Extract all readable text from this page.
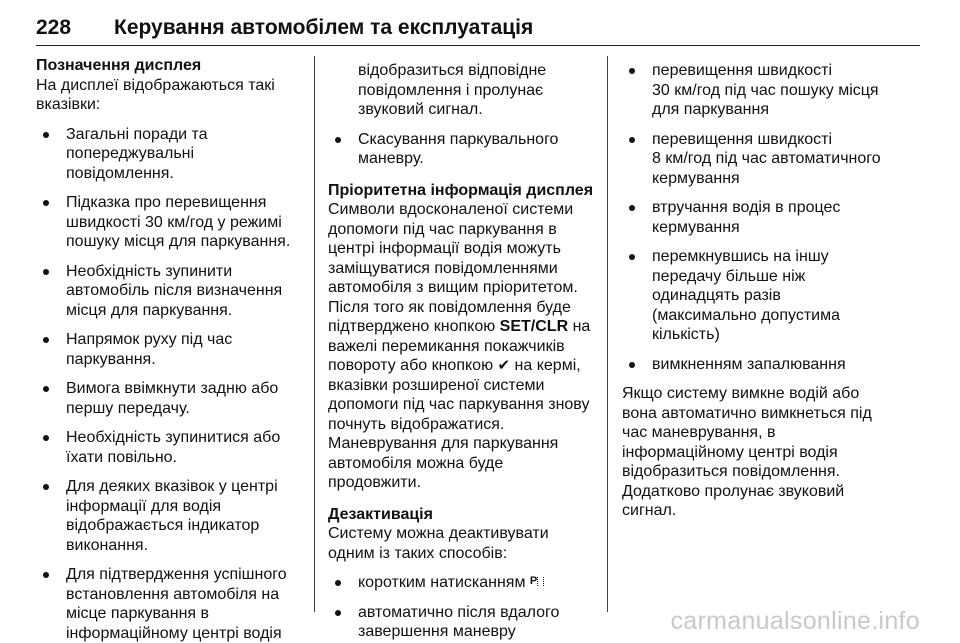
228	Керування автомобілем та експлуатація
Позначення дисплея

На дисплеї відображаються такі
вказівки:

Загальні поради та
попереджувальні
повідомлення.
Підказка про перевищення
швидкості 30 км/год у режимі
пошуку місця для паркування.
Необхідність зупинити
автомобіль після визначення
місця для паркування.
Напрямок руху під час
паркування.
Вимога ввімкнути задню або
першу передачу.
Необхідність зупинитися або
їхати повільно.
Для деяких вказівок у центрі
інформації для водія
відображається індикатор
виконання.
Для підтвердження успішного
встановлення автомобіля на
місце паркування в
інформаційному центрі водія

відобразиться відповідне
повідомлення і пролунає
звуковий сигнал.

Скасування паркувального
маневру.
Пріоритетна інформація дисплея

Символи вдосконаленої системи
допомоги під час паркування в
центрі інформації водія можуть
заміщуватися повідомленнями
автомобіля з вищим пріоритетом.
Після того як повідомлення буде
підтверджено кнопкою SET/CLR на
важелі перемикання покажчиків
повороту або кнопкою ✔ на кермі,
вказівки розширеної системи
допомоги під час паркування знову
почнуть відображатися.
Маневрування для паркування
автомобіля можна буде
продовжити.

Дезактивація

Систему можна деактивувати
одним із таких способів:

коротким натисканням P
автоматично після вдалого
завершення маневру
перевищення швидкості
30 км/год під час пошуку місця
для паркування
перевищення швидкості
8 км/год під час автоматичного
кермування
втручання водія в процес
кермування
перемкнувшись на іншу
передачу більше ніж
одинадцять разів
(максимально допустима
кількість)
вимкненням запалювання

Якщо систему вимкне водій або
вона автоматично вимкнеться під
час маневрування, в
інформаційному центрі водія
відобразиться повідомлення.
Додатково пролунає звуковий
сигнал.

carmanualsonline.info
